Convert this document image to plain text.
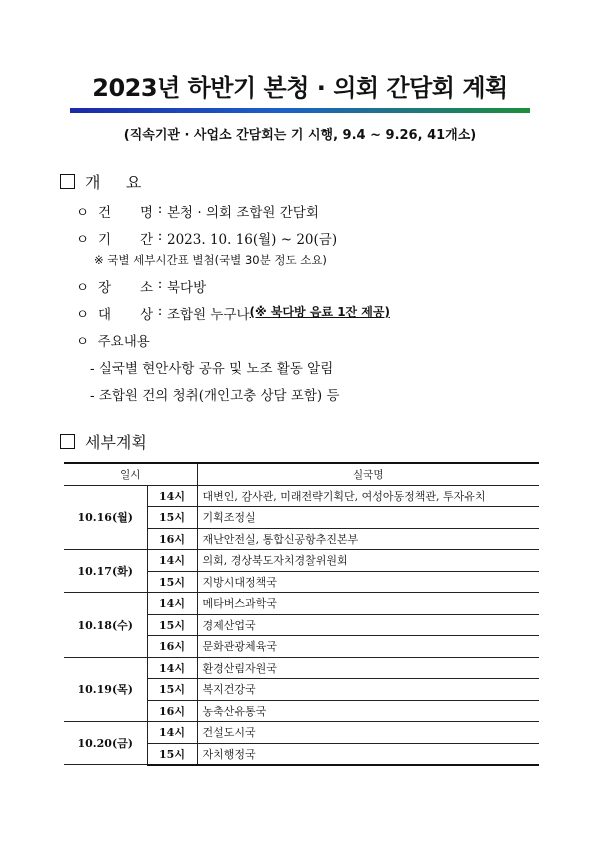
2023년 하반기 본청 · 의회 간담회 계획
(직속기관 · 사업소 간담회는 기 시행, 9.4 ~ 9.26, 41개소)
개     요
ㅇ 건 명 : 본청 · 의회 조합원 간담회
ㅇ 기 간 : 2023. 10. 16(월) ~ 20(금)
※ 국별 세부시간표 별첨(국별 30분 정도 소요)
ㅇ 장 소 : 북다방
ㅇ 대 상 : 조합원 누구나 (※ 북다방 음료 1잔 제공)
ㅇ  주요내용
- 실국별 현안사항 공유 및 노조 활동 알림
- 조합원 건의 청취(개인고충 상담 포함) 등
세부계획
일시		실국명
10.16(월)	14시	대변인, 감사관, 미래전략기획단, 여성아동정책관, 투자유치
	15시	기획조정실
	16시	재난안전실, 통합신공항추진본부
10.17(화)	14시	의회, 경상북도자치경찰위원회
	15시	지방시대정책국
10.18(수)	14시	메타버스과학국
	15시	경제산업국
	16시	문화관광체육국
10.19(목)	14시	환경산림자원국
	15시	복지건강국
	16시	농축산유통국
10.20(금)	14시	건설도시국
	15시	자치행정국
